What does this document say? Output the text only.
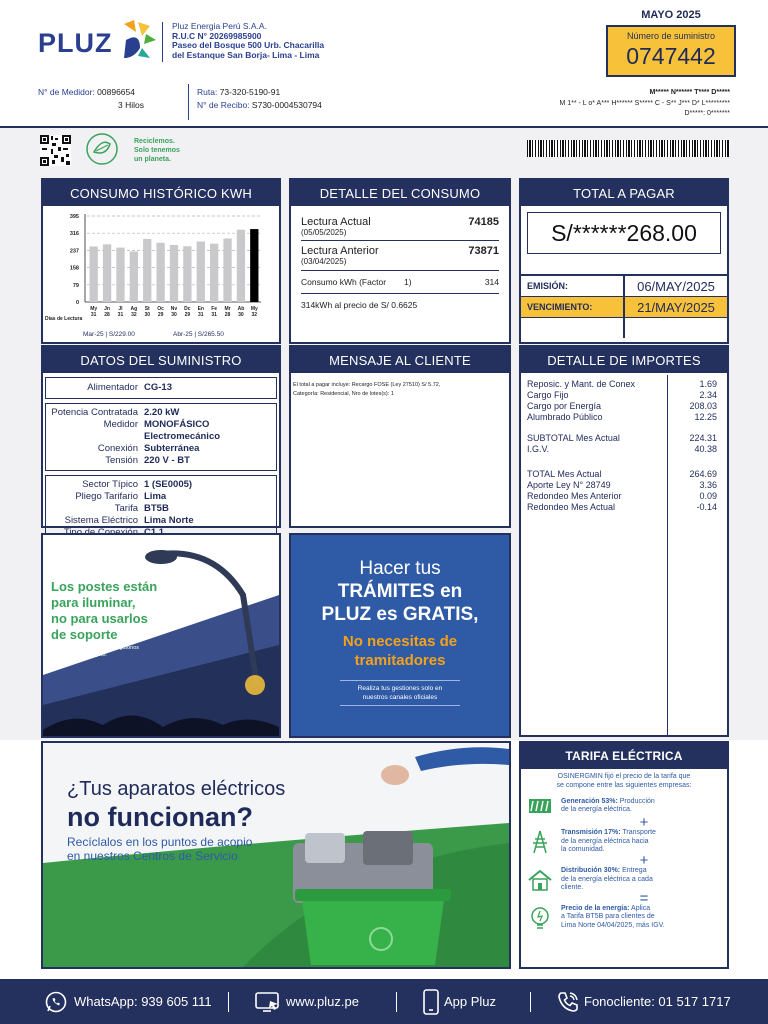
PLUZ
Pluz Energia Perú S.A.A.
R.U.C N° 20269985900
Paseo del Bosque 500 Urb. Chacarilla
del Estanque San Borja- Lima - Lima
MAYO 2025
Número de suministro
0747442
N° de Medidor: 00896654
3 Hilos
Ruta: 73-320-5190-91
N° de Recibo: S730-0004530794
M***** N****** T**** D*****
M 1** - L o* A*** H****** S***** C - S** J*** D* L*********
D*****: 0*******
Reciclemos.
Solo tenemos
un planeta.
CONSUMO HISTÓRICO KWH
0
79
158
237
316
395
My
31
Jn
28
Jl
31
Ag
32
St
30
Oc
29
Nv
30
Dc
29
En
31
Fe
31
Mr
28
Ab
30
My
32
Días de Lectura
Mar-25 | S/229.00	Abr-25 | S/265.50
DETALLE DEL CONSUMO
Lectura Actual
(05/05/2025)
74185
Lectura Anterior
(03/04/2025)
73871
Consumo kWh (Factor 1)	314
314kWh al precio de S/ 0.6625
TOTAL A PAGAR
S/******268.00
EMISIÓN:	06/MAY/2025
VENCIMIENTO:	21/MAY/2025
DATOS DEL SUMINISTRO
Alimentador CG-13
Potencia Contratada 2.20 kW
Medidor MONOFÁSICO
Electromecánico
Conexión Subterránea
Tensión 220 V - BT
Sector Típico 1 (SE0005)
Pliego Tarifario Lima
Tarifa BT5B
Sistema Eléctrico Lima Norte
MENSAJE AL CLIENTE
El total a pagar incluye: Recargo FOSE (Ley 27510) S/ 5.72,
Categoría: Residencial, Nro de lotes(s): 1
DETALLE DE IMPORTES
Reposic. y Mant. de Conex	1.69
Cargo Fijo	2.34
Cargo por Energía	208.03
Alumbrado Público	12.25
SUBTOTAL Mes Actual	224.31
I.G.V.	40.38
TOTAL Mes Actual	264.69
Aporte Ley N° 28749	3.36
Redondeo Mes Anterior	0.09
Redondeo Mes Actual	-0.14
Los postes están
para iluminar,
no para usarlos
de soporte
No coloques reflectores, megáfonos
o cualquier otro objeto.
Hacer tus
TRÁMITES en
PLUZ es GRATIS,
No necesitas de
tramitadores
Realiza tus gestiones solo en
nuestros canales oficiales
¿Tus aparatos eléctricos
no funcionan?
Recíclalos en los puntos de acopio
en nuestros Centros de Servicio
TARIFA ELÉCTRICA
OSINERGMIN fijó el precio de la tarifa que
se compone entre las siguientes empresas:
Generación 53%: Producción
de la energía eléctrica.
+
Transmisión 17%: Transporte
de la energía eléctrica hacia
la comunidad.
+
Distribución 30%: Entrega
de la energía eléctrica a cada
cliente.
=
Precio de la energía: Aplica
a Tarifa BT5B para clientes de
Lima Norte 04/04/2025, más IGV.
WhatsApp: 939 605 111	www.pluz.pe	App Pluz	Fonocliente: 01 517 1717
